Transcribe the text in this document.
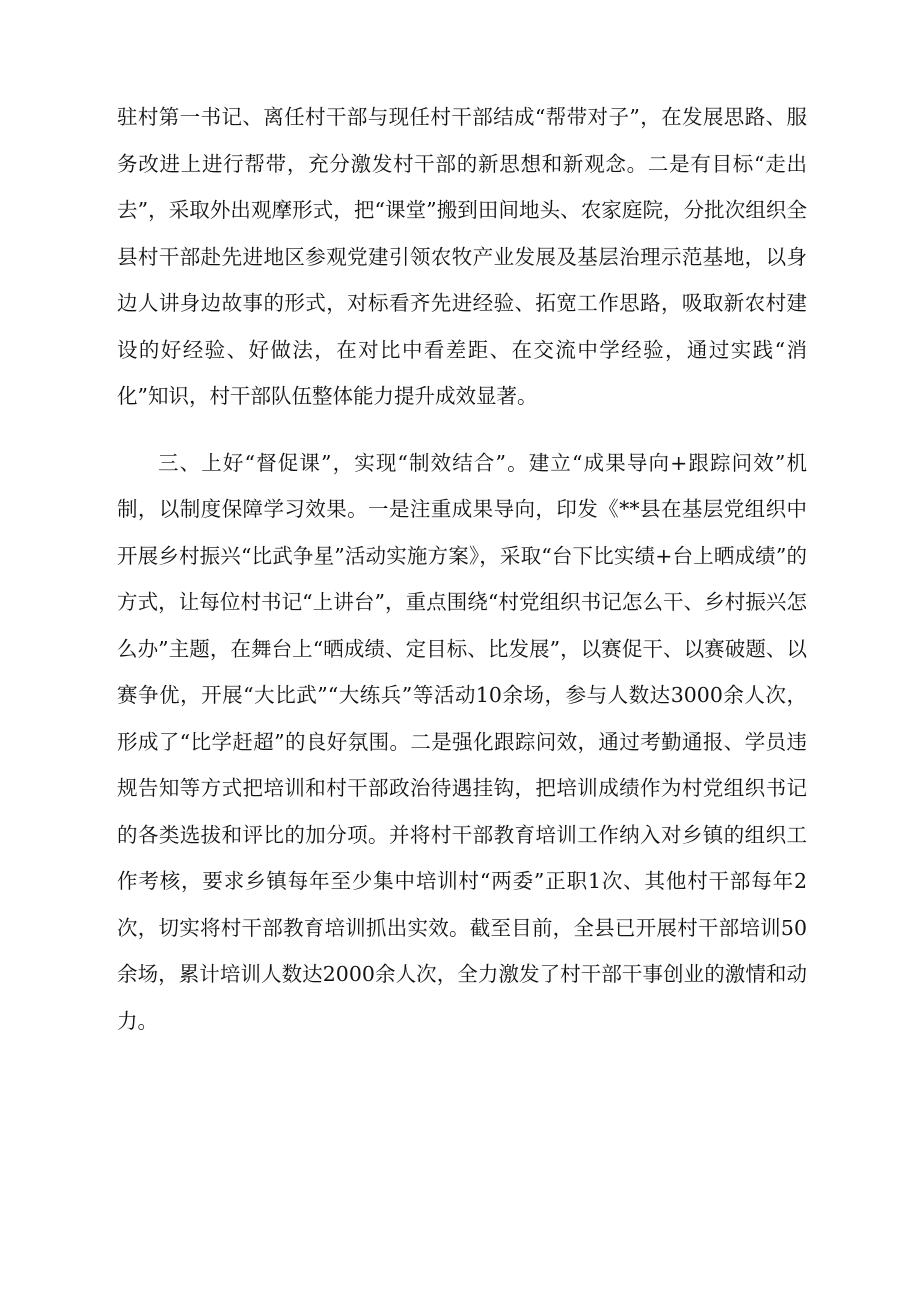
驻村第一书记、离任村干部与现任村干部结成“帮带对子”，在发展思路、服务改进上进行帮带，充分激发村干部的新思想和新观念。二是有目标“走出去”，采取外出观摩形式，把“课堂”搬到田间地头、农家庭院，分批次组织全县村干部赴先进地区参观党建引领农牧产业发展及基层治理示范基地，以身边人讲身边故事的形式，对标看齐先进经验、拓宽工作思路，吸取新农村建设的好经验、好做法，在对比中看差距、在交流中学经验，通过实践“消化”知识，村干部队伍整体能力提升成效显著。

三、上好“督促课”，实现“制效结合”。建立“成果导向+跟踪问效”机制，以制度保障学习效果。一是注重成果导向，印发《**县在基层党组织中开展乡村振兴“比武争星”活动实施方案》，采取“台下比实绩+台上晒成绩”的方式，让每位村书记“上讲台”，重点围绕“村党组织书记怎么干、乡村振兴怎么办”主题，在舞台上“晒成绩、定目标、比发展”，以赛促干、以赛破题、以赛争优，开展“大比武”“大练兵”等活动10余场，参与人数达3000余人次，形成了“比学赶超”的良好氛围。二是强化跟踪问效，通过考勤通报、学员违规告知等方式把培训和村干部政治待遇挂钩，把培训成绩作为村党组织书记的各类选拔和评比的加分项。并将村干部教育培训工作纳入对乡镇的组织工作考核，要求乡镇每年至少集中培训村“两委”正职1次、其他村干部每年2次，切实将村干部教育培训抓出实效。截至目前，全县已开展村干部培训50余场，累计培训人数达2000余人次，全力激发了村干部干事创业的激情和动力。
